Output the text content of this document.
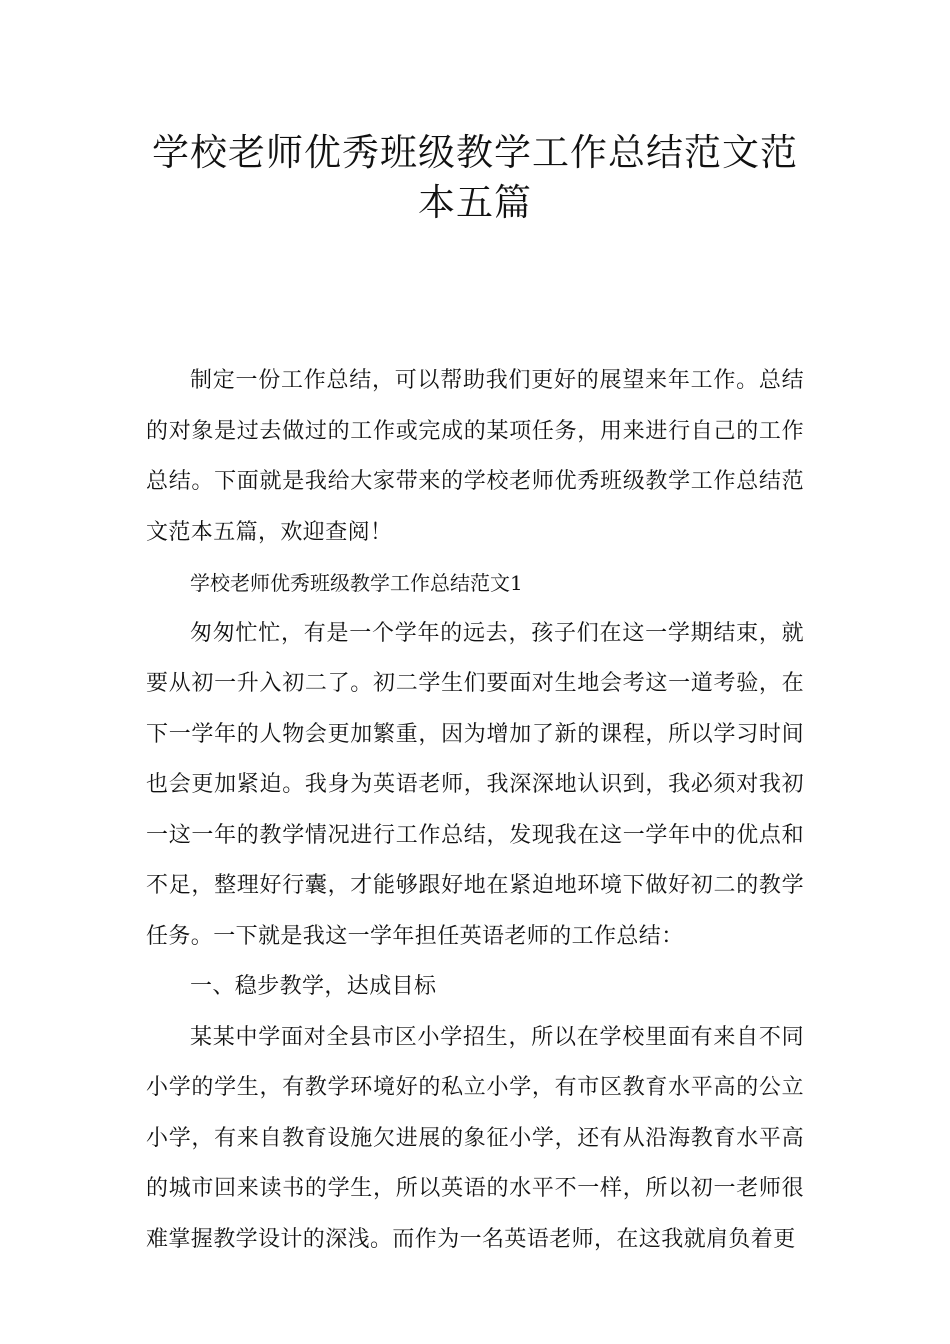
学校老师优秀班级教学工作总结范文范本五篇

制定一份工作总结，可以帮助我们更好的展望来年工作。总结的对象是过去做过的工作或完成的某项任务，用来进行自己的工作总结。下面就是我给大家带来的学校老师优秀班级教学工作总结范文范本五篇，欢迎查阅！

学校老师优秀班级教学工作总结范文1

匆匆忙忙，有是一个学年的远去，孩子们在这一学期结束，就要从初一升入初二了。初二学生们要面对生地会考这一道考验，在下一学年的人物会更加繁重，因为增加了新的课程，所以学习时间也会更加紧迫。我身为英语老师，我深深地认识到，我必须对我初一这一年的教学情况进行工作总结，发现我在这一学年中的优点和不足，整理好行囊，才能够跟好地在紧迫地环境下做好初二的教学任务。一下就是我这一学年担任英语老师的工作总结：

一、稳步教学，达成目标

某某中学面对全县市区小学招生，所以在学校里面有来自不同小学的学生，有教学环境好的私立小学，有市区教育水平高的公立小学，有来自教育设施欠进展的象征小学，还有从沿海教育水平高的城市回来读书的学生，所以英语的水平不一样，所以初一老师很难掌握教学设计的深浅。而作为一名英语老师，在这我就肩负着更
